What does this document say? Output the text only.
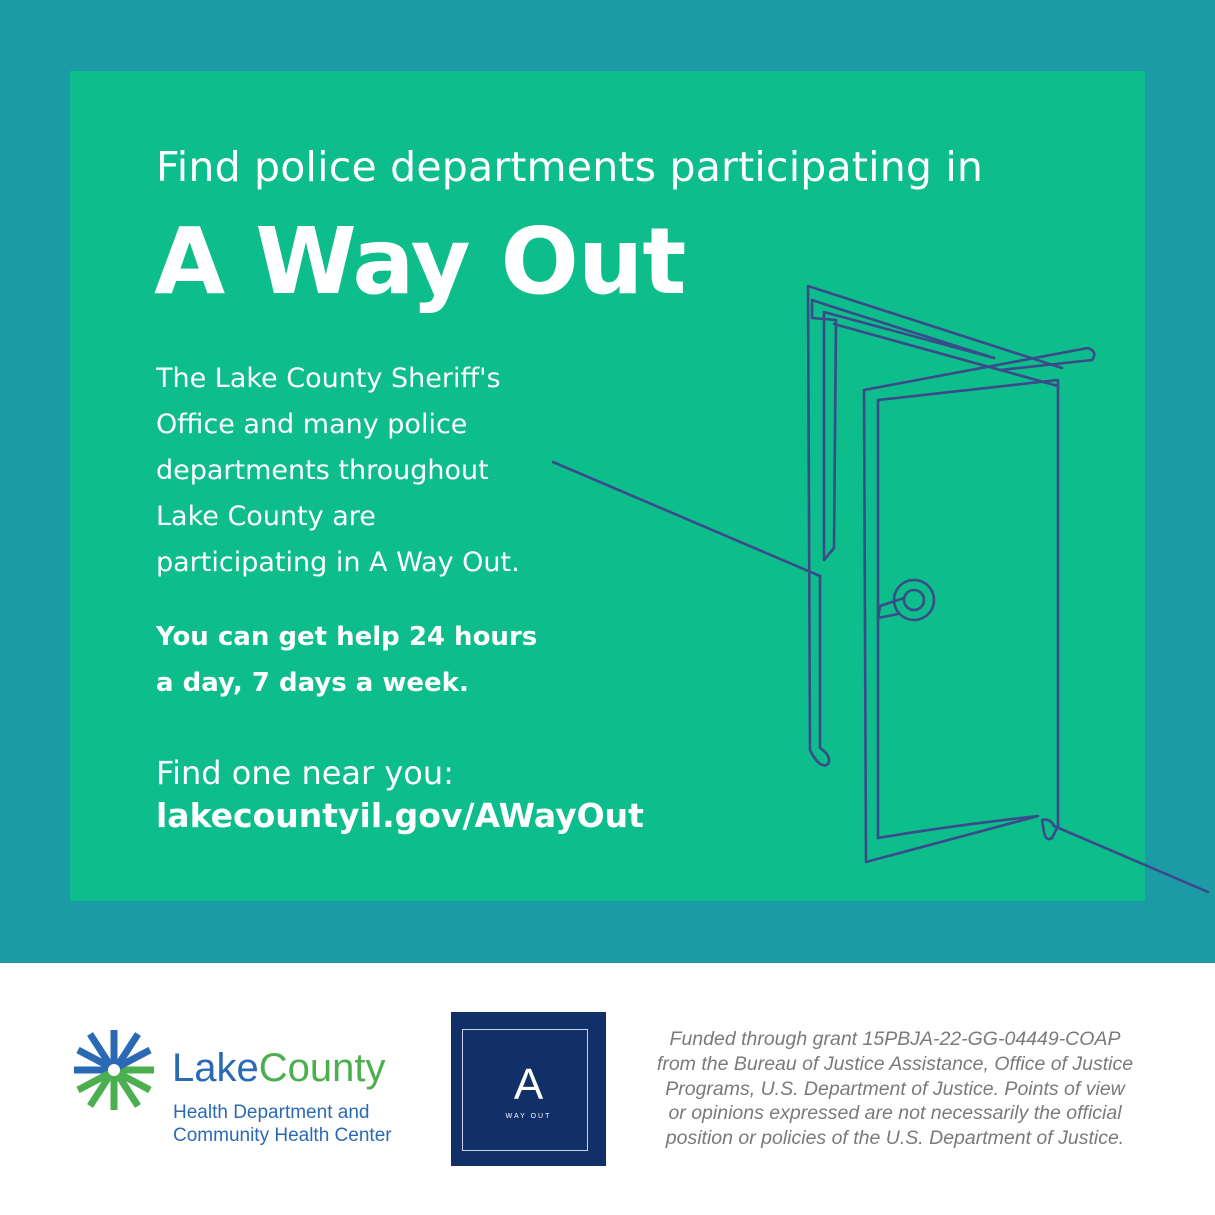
Find police departments participating in
A Way Out
The Lake County Sheriff's
Office and many police
departments throughout
Lake County are
participating in A Way Out.
You can get help 24 hours
a day, 7 days a week.
Find one near you:
lakecountyil.gov/AWayOut
LakeCounty
Health Department and
Community Health Center
A
WAY OUT
Funded through grant 15PBJA-22-GG-04449-COAP
from the Bureau of Justice Assistance, Office of Justice
Programs, U.S. Department of Justice. Points of view
or opinions expressed are not necessarily the official
position or policies of the U.S. Department of Justice.
